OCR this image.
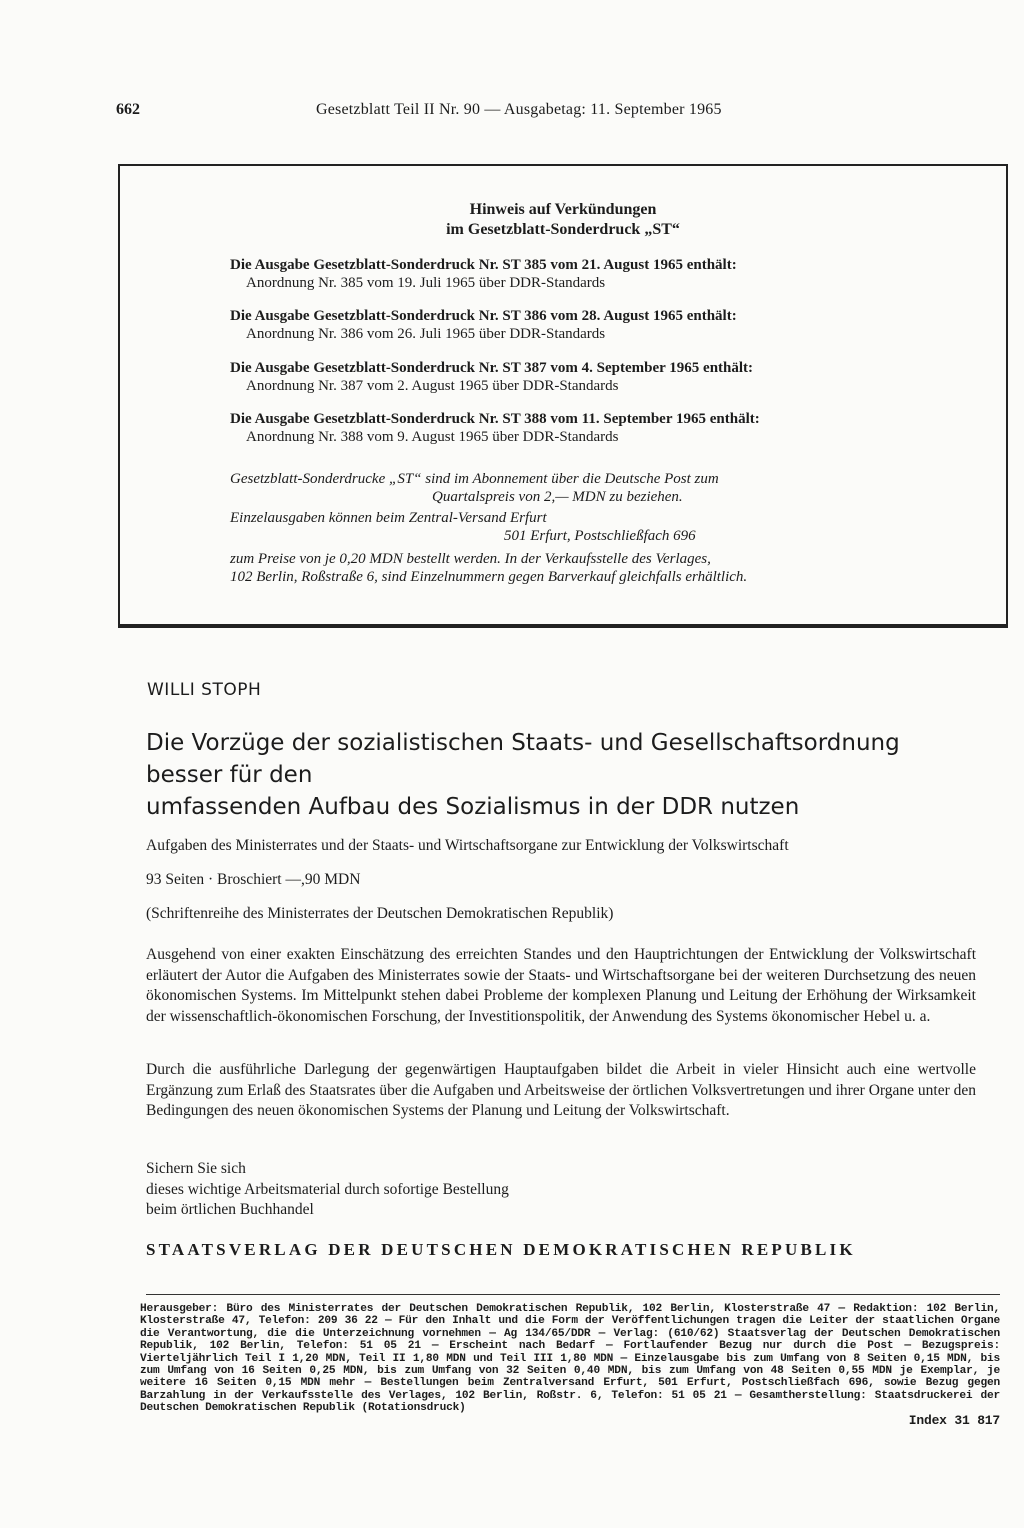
662	Gesetzblatt Teil II Nr. 90 — Ausgabetag: 11. September 1965
Hinweis auf Verkündungen
im Gesetzblatt-Sonderdruck „ST“
Die Ausgabe Gesetzblatt-Sonderdruck Nr. ST 385 vom 21. August 1965 enthält:
Anordnung Nr. 385 vom 19. Juli 1965 über DDR-Standards
Die Ausgabe Gesetzblatt-Sonderdruck Nr. ST 386 vom 28. August 1965 enthält:
Anordnung Nr. 386 vom 26. Juli 1965 über DDR-Standards
Die Ausgabe Gesetzblatt-Sonderdruck Nr. ST 387 vom 4. September 1965 enthält:
Anordnung Nr. 387 vom 2. August 1965 über DDR-Standards
Die Ausgabe Gesetzblatt-Sonderdruck Nr. ST 388 vom 11. September 1965 enthält:
Anordnung Nr. 388 vom 9. August 1965 über DDR-Standards
Gesetzblatt-Sonderdrucke „ST“ sind im Abonnement über die Deutsche Post zum
Quartalspreis von 2,— MDN zu beziehen.
Einzelausgaben können beim Zentral-Versand Erfurt
501 Erfurt, Postschließfach 696
zum Preise von je 0,20 MDN bestellt werden. In der Verkaufsstelle des Verlages,
102 Berlin, Roßstraße 6, sind Einzelnummern gegen Barverkauf gleichfalls erhältlich.
WILLI STOPH
Die Vorzüge der sozialistischen Staats- und Gesellschaftsordnung
besser für den
umfassenden Aufbau des Sozialismus in der DDR nutzen
Aufgaben des Ministerrates und der Staats- und Wirtschaftsorgane zur Entwicklung der Volkswirtschaft
93 Seiten · Broschiert —,90 MDN
(Schriftenreihe des Ministerrates der Deutschen Demokratischen Republik)
Ausgehend von einer exakten Einschätzung des erreichten Standes und den Hauptrichtungen der Entwicklung der Volkswirtschaft erläutert der Autor die Aufgaben des Ministerrates sowie der Staats- und Wirtschaftsorgane bei der weiteren Durchsetzung des neuen ökonomischen Systems. Im Mittelpunkt stehen dabei Probleme der komplexen Planung und Leitung der Erhöhung der Wirksamkeit der wissenschaftlich-ökonomischen Forschung, der Investitionspolitik, der Anwendung des Systems ökonomischer Hebel u. a.
Durch die ausführliche Darlegung der gegenwärtigen Hauptaufgaben bildet die Arbeit in vieler Hinsicht auch eine wertvolle Ergänzung zum Erlaß des Staatsrates über die Aufgaben und Arbeitsweise der örtlichen Volksvertretungen und ihrer Organe unter den Bedingungen des neuen ökonomischen Systems der Planung und Leitung der Volkswirtschaft.
Sichern Sie sich
dieses wichtige Arbeitsmaterial durch sofortige Bestellung
beim örtlichen Buchhandel
STAATSVERLAG DER DEUTSCHEN DEMOKRATISCHEN REPUBLIK
Herausgeber: Büro des Ministerrates der Deutschen Demokratischen Republik, 102 Berlin, Klosterstraße 47 — Redaktion: 102 Berlin, Klosterstraße 47, Telefon: 209 36 22 — Für den Inhalt und die Form der Veröffentlichungen tragen die Leiter der staatlichen Organe die Verantwortung, die die Unterzeichnung vornehmen — Ag 134/65/DDR — Verlag: (610/62) Staatsverlag der Deutschen Demokratischen Republik, 102 Berlin, Telefon: 51 05 21 — Erscheint nach Bedarf — Fortlaufender Bezug nur durch die Post — Bezugspreis: Vierteljährlich Teil I 1,20 MDN, Teil II 1,80 MDN und Teil III 1,80 MDN — Einzelausgabe bis zum Umfang von 8 Seiten 0,15 MDN, bis zum Umfang von 16 Seiten 0,25 MDN, bis zum Umfang von 32 Seiten 0,40 MDN, bis zum Umfang von 48 Seiten 0,55 MDN je Exemplar, je weitere 16 Seiten 0,15 MDN mehr — Bestellungen beim Zentralversand Erfurt, 501 Erfurt, Postschließfach 696, sowie Bezug gegen Barzahlung in der Verkaufsstelle des Verlages, 102 Berlin, Roßstr. 6, Telefon: 51 05 21 — Gesamtherstellung: Staatsdruckerei der Deutschen Demokratischen Republik (Rotationsdruck)
Index 31 817
